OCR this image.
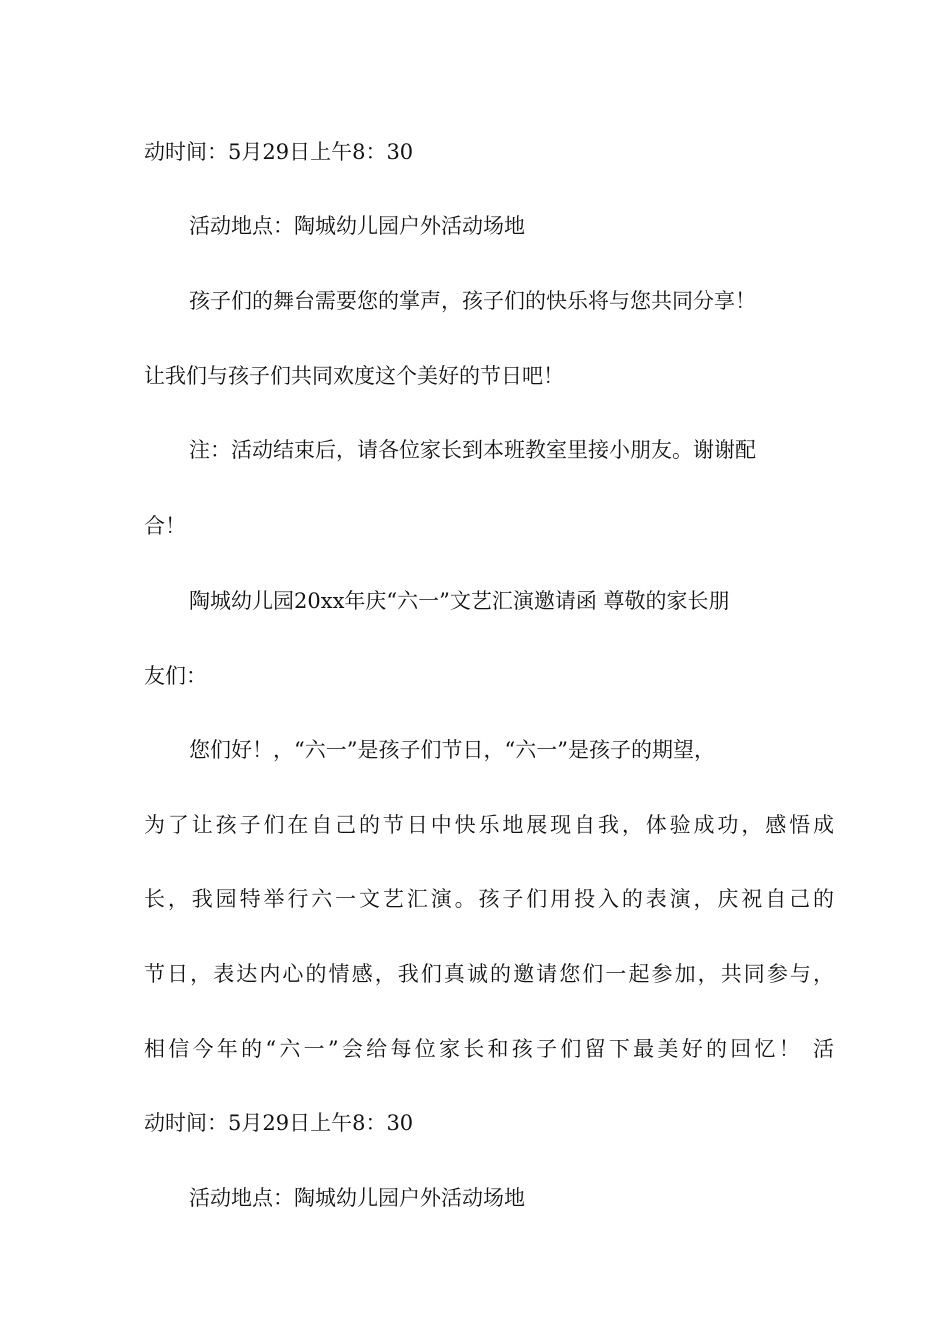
动时间：5月29日上午8：30
活动地点：陶城幼儿园户外活动场地
孩子们的舞台需要您的掌声，孩子们的快乐将与您共同分享！
让我们与孩子们共同欢度这个美好的节日吧！
注：活动结束后，请各位家长到本班教室里接小朋友。谢谢配
合！
陶城幼儿园20xx年庆“六一”文艺汇演邀请函 尊敬的家长朋
友们：
您们好！，“六一”是孩子们节日，“六一”是孩子的期望，
为了让孩子们在自己的节日中快乐地展现自我，体验成功，感悟成
长，我园特举行六一文艺汇演。孩子们用投入的表演，庆祝自己的
节日，表达内心的情感，我们真诚的邀请您们一起参加，共同参与，
相信今年的“六一”会给每位家长和孩子们留下最美好的回忆！ 活
动时间：5月29日上午8：30
活动地点：陶城幼儿园户外活动场地
